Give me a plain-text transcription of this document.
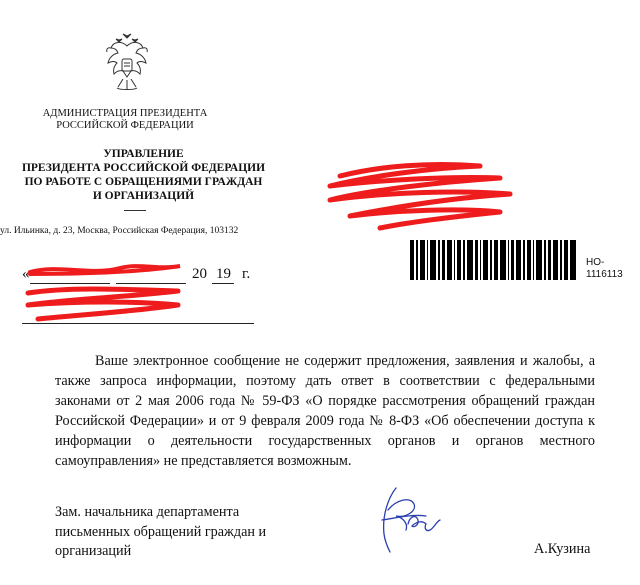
АДМИНИСТРАЦИЯ ПРЕЗИДЕНТА
РОССИЙСКОЙ ФЕДЕРАЦИИ
УПРАВЛЕНИЕ
ПРЕЗИДЕНТА РОССИЙСКОЙ ФЕДЕРАЦИИ
ПО РАБОТЕ С ОБРАЩЕНИЯМИ ГРАЖДАН
И ОРГАНИЗАЦИЙ
ул. Ильинка, д. 23, Москва, Российская Федерация, 103132
«	20 19 г.
НО-
1116113
Ваше электронное сообщение не содержит предложения, заявления и жалобы, а также запроса информации, поэтому дать ответ в соответствии с федеральными законами от 2 мая 2006 года № 59-ФЗ «О порядке рассмотрения обращений граждан Российской Федерации» и от 9 февраля 2009 года № 8-ФЗ «Об обеспечении доступа к информации о деятельности государственных органов и органов местного самоуправления» не представляется возможным.
Зам. начальника департамента
письменных обращений граждан и
организаций	А.Кузина
